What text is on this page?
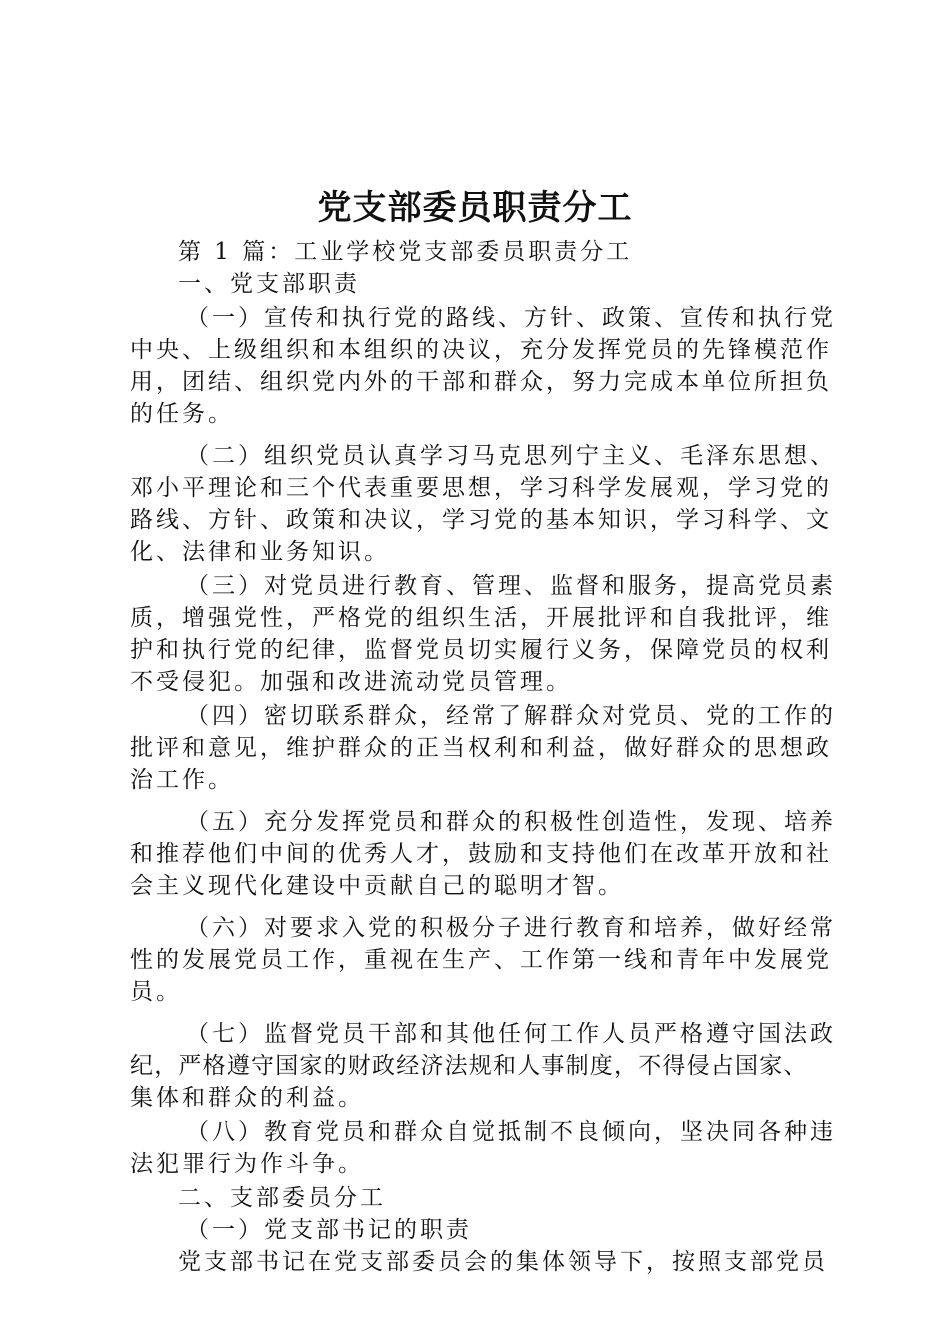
党支部委员职责分工

第 1 篇：工业学校党支部委员职责分工

一、党支部职责

（一）宣传和执行党的路线、方针、政策、宣传和执行党

中央、上级组织和本组织的决议，充分发挥党员的先锋模范作

用，团结、组织党内外的干部和群众，努力完成本单位所担负

的任务。

（二）组织党员认真学习马克思列宁主义、毛泽东思想、

邓小平理论和三个代表重要思想，学习科学发展观，学习党的

路线、方针、政策和决议，学习党的基本知识，学习科学、文

化、法律和业务知识。

（三）对党员进行教育、管理、监督和服务，提高党员素

质，增强党性，严格党的组织生活，开展批评和自我批评，维

护和执行党的纪律，监督党员切实履行义务，保障党员的权利

不受侵犯。加强和改进流动党员管理。

（四）密切联系群众，经常了解群众对党员、党的工作的

批评和意见，维护群众的正当权利和利益，做好群众的思想政

治工作。

（五）充分发挥党员和群众的积极性创造性，发现、培养

和推荐他们中间的优秀人才，鼓励和支持他们在改革开放和社

会主义现代化建设中贡献自己的聪明才智。

（六）对要求入党的积极分子进行教育和培养，做好经常

性的发展党员工作，重视在生产、工作第一线和青年中发展党

员。

（七）监督党员干部和其他任何工作人员严格遵守国法政

纪，严格遵守国家的财政经济法规和人事制度，不得侵占国家、

集体和群众的利益。

（八）教育党员和群众自觉抵制不良倾向，坚决同各种违

法犯罪行为作斗争。

二、支部委员分工

（一）党支部书记的职责

党支部书记在党支部委员会的集体领导下，按照支部党员
